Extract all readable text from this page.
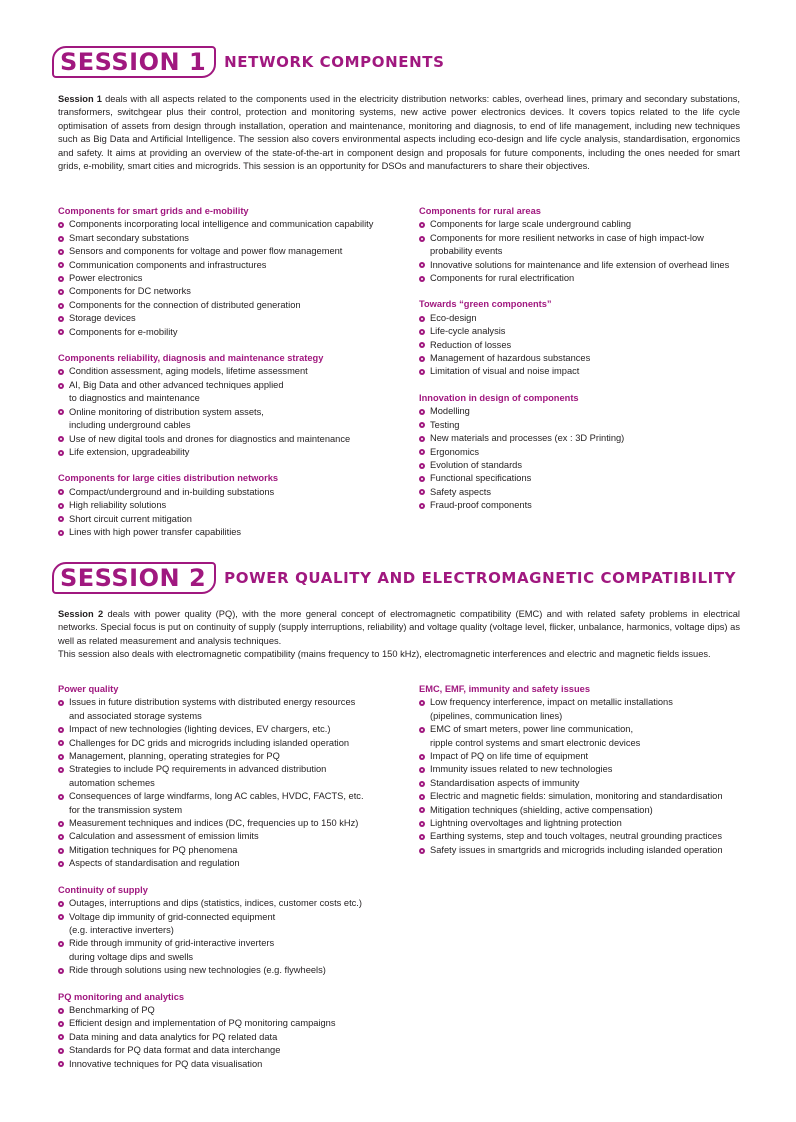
SESSION 1	NETWORK COMPONENTS

Session 1 deals with all aspects related to the components used in the electricity distribution networks: cables, overhead lines, primary and secondary substations, transformers, switchgear plus their control, protection and monitoring systems, new active power electronics devices. It covers topics related to the life cycle optimisation of assets from design through installation, operation and maintenance, monitoring and diagnosis, to end of life management, including new techniques such as Big Data and Artificial Intelligence. The session also covers environmental aspects including eco-design and life cycle analysis, standardisation, ergonomics and safety. It aims at providing an overview of the state-of-the-art in component design and proposals for future components, including the ones needed for smart grids, e-mobility, smart cities and microgrids. This session is an opportunity for DSOs and manufacturers to share their objectives.

Components for smart grids and e-mobility

Components incorporating local intelligence and communication capability
Smart secondary substations
Sensors and components for voltage and power flow management
Communication components and infrastructures
Power electronics
Components for DC networks
Components for the connection of distributed generation
Storage devices
Components for e-mobility

Components reliability, diagnosis and maintenance strategy

Condition assessment, aging models, lifetime assessment
AI, Big Data and other advanced techniques applied
to diagnostics and maintenance
Online monitoring of distribution system assets,
including underground cables
Use of new digital tools and drones for diagnostics and maintenance
Life extension, upgradeability

Components for large cities distribution networks

Compact/underground and in-building substations
High reliability solutions
Short circuit current mitigation
Lines with high power transfer capabilities

Components for rural areas

Components for large scale underground cabling
Components for more resilient networks in case of high impact-low
probability events
Innovative solutions for maintenance and life extension of overhead lines
Components for rural electrification

Towards “green components”

Eco-design
Life-cycle analysis
Reduction of losses
Management of hazardous substances
Limitation of visual and noise impact

Innovation in design of components

Modelling
Testing
New materials and processes (ex : 3D Printing)
Ergonomics
Evolution of standards
Functional specifications
Safety aspects
Fraud-proof components
SESSION 2	POWER QUALITY AND ELECTROMAGNETIC COMPATIBILITY

Session 2 deals with power quality (PQ), with the more general concept of electromagnetic compatibility (EMC) and with related safety problems in electrical networks. Special focus is put on continuity of supply (supply interruptions, reliability) and voltage quality (voltage level, flicker, unbalance, harmonics, voltage dips) as well as related measurement and analysis techniques.
This session also deals with electromagnetic compatibility (mains frequency to 150 kHz), electromagnetic interferences and electric and magnetic fields issues.

Power quality

Issues in future distribution systems with distributed energy resources
and associated storage systems
Impact of new technologies (lighting devices, EV chargers, etc.)
Challenges for DC grids and microgrids including islanded operation
Management, planning, operating strategies for PQ
Strategies to include PQ requirements in advanced distribution
automation schemes
Consequences of large windfarms, long AC cables, HVDC, FACTS, etc.
for the transmission system
Measurement techniques and indices (DC, frequencies up to 150 kHz)
Calculation and assessment of emission limits
Mitigation techniques for PQ phenomena
Aspects of standardisation and regulation

Continuity of supply

Outages, interruptions and dips (statistics, indices, customer costs etc.)
Voltage dip immunity of grid-connected equipment
(e.g. interactive inverters)
Ride through immunity of grid-interactive inverters
during voltage dips and swells
Ride through solutions using new technologies (e.g. flywheels)

PQ monitoring and analytics

Benchmarking of PQ
Efficient design and implementation of PQ monitoring campaigns
Data mining and data analytics for PQ related data
Standards for PQ data format and data interchange
Innovative techniques for PQ data visualisation

EMC, EMF, immunity and safety issues

Low frequency interference, impact on metallic installations
(pipelines, communication lines)
EMC of smart meters, power line communication,
ripple control systems and smart electronic devices
Impact of PQ on life time of equipment
Immunity issues related to new technologies
Standardisation aspects of immunity
Electric and magnetic fields: simulation, monitoring and standardisation
Mitigation techniques (shielding, active compensation)
Lightning overvoltages and lightning protection
Earthing systems, step and touch voltages, neutral grounding practices
Safety issues in smartgrids and microgrids including islanded operation
